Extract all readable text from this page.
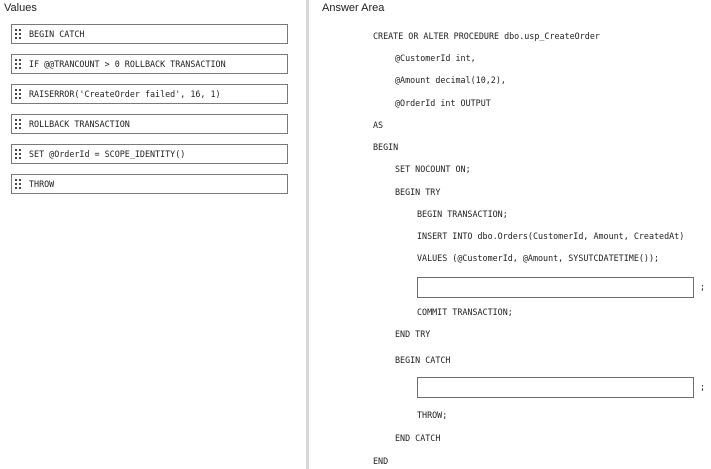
Values
BEGIN CATCH
IF @@TRANCOUNT > 0 ROLLBACK TRANSACTION
RAISERROR('CreateOrder failed', 16, 1)
ROLLBACK TRANSACTION
SET @OrderId = SCOPE_IDENTITY()
THROW
Answer Area
CREATE OR ALTER PROCEDURE dbo.usp_CreateOrder
@CustomerId int,
@Amount decimal(10,2),
@OrderId int OUTPUT
AS
BEGIN
SET NOCOUNT ON;
BEGIN TRY
BEGIN TRANSACTION;
INSERT INTO dbo.Orders(CustomerId, Amount, CreatedAt)
VALUES (@CustomerId, @Amount, SYSUTCDATETIME());
;
COMMIT TRANSACTION;
END TRY
BEGIN CATCH
;
THROW;
END CATCH
END
